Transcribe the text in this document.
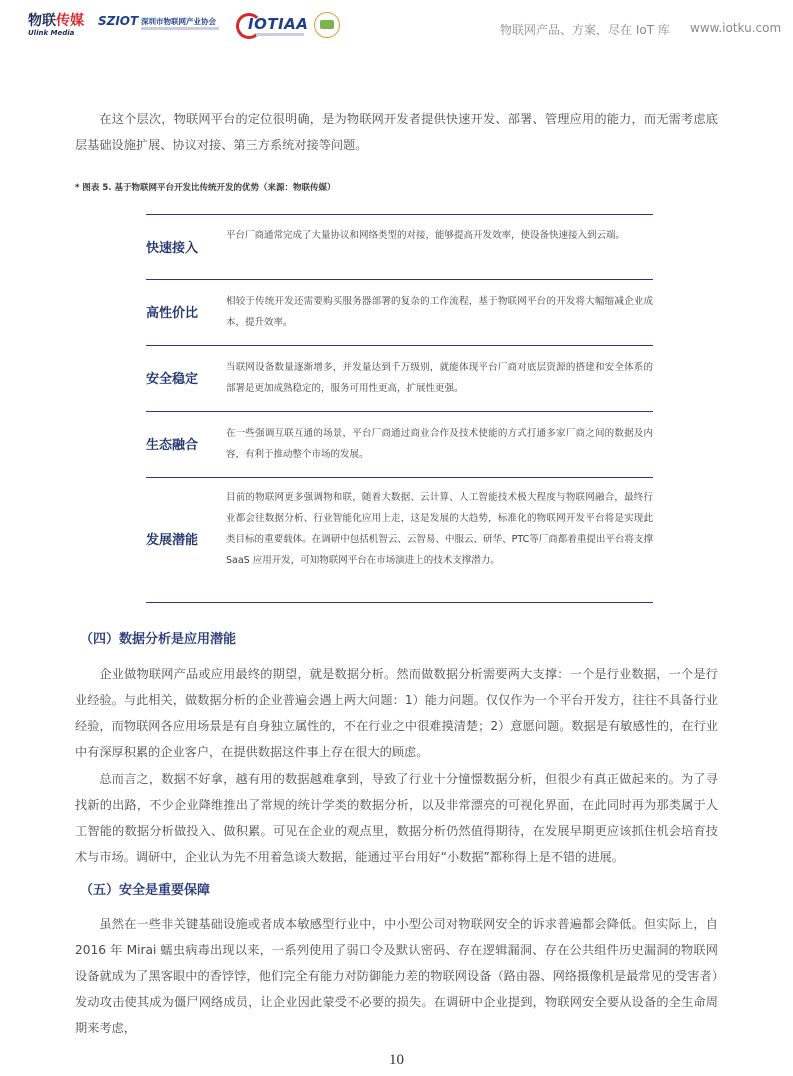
物联传媒
Ulink Media
SZIOT 深圳市物联网产业协会 IOTIAA	物联网产品、方案，尽在 IoT 库 www.iotku.com
在这个层次，物联网平台的定位很明确，是为物联网开发者提供快速开发、部署、管理应用的能力，而无需考虑底层基础设施扩展、协议对接、第三方系统对接等问题。
* 图表 5. 基于物联网平台开发比传统开发的优势（来源：物联传媒）
快速接入
平台厂商通常完成了大量协议和网络类型的对接，能够提高开发效率，使设备快速接入到云端。
高性价比
相较于传统开发还需要购买服务器部署的复杂的工作流程，基于物联网平台的开发将大幅缩减企业成本，提升效率。
安全稳定
当联网设备数量逐渐增多，并发量达到千万级别，就能体现平台厂商对底层资源的搭建和安全体系的部署是更加成熟稳定的，服务可用性更高，扩展性更强。
生态融合
在一些强调互联互通的场景，平台厂商通过商业合作及技术使能的方式打通多家厂商之间的数据及内容，有利于推动整个市场的发展。
发展潜能
目前的物联网更多强调物和联，随着大数据、云计算、人工智能技术极大程度与物联网融合，最终行业都会往数据分析、行业智能化应用上走，这是发展的大趋势，标准化的物联网开发平台将是实现此类目标的重要载体。在调研中包括机智云、云智易、中服云、研华、PTC等厂商都着重提出平台将支撑 SaaS 应用开发，可知物联网平台在市场演进上的技术支撑潜力。
（四）数据分析是应用潜能
企业做物联网产品或应用最终的期望，就是数据分析。然而做数据分析需要两大支撑：一个是行业数据，一个是行业经验。与此相关，做数据分析的企业普遍会遇上两大问题：1）能力问题。仅仅作为一个平台开发方，往往不具备行业经验，而物联网各应用场景是有自身独立属性的，不在行业之中很难摸清楚；2）意愿问题。数据是有敏感性的，在行业中有深厚积累的企业客户，在提供数据这件事上存在很大的顾虑。
总而言之，数据不好拿，越有用的数据越难拿到，导致了行业十分憧憬数据分析，但很少有真正做起来的。为了寻找新的出路，不少企业降维推出了常规的统计学类的数据分析，以及非常漂亮的可视化界面，在此同时再为那类属于人工智能的数据分析做投入、做积累。可见在企业的观点里，数据分析仍然值得期待，在发展早期更应该抓住机会培育技术与市场。调研中，企业认为先不用着急谈大数据，能通过平台用好“小数据”都称得上是不错的进展。
（五）安全是重要保障
虽然在一些非关键基础设施或者成本敏感型行业中，中小型公司对物联网安全的诉求普遍都会降低。但实际上，自2016 年 Mirai 蠕虫病毒出现以来，一系列使用了弱口令及默认密码、存在逻辑漏洞、存在公共组件历史漏洞的物联网设备就成为了黑客眼中的香饽饽，他们完全有能力对防御能力差的物联网设备（路由器、网络摄像机是最常见的受害者）发动攻击使其成为僵尸网络成员，让企业因此蒙受不必要的损失。在调研中企业提到，物联网安全要从设备的全生命周期来考虑，
10
